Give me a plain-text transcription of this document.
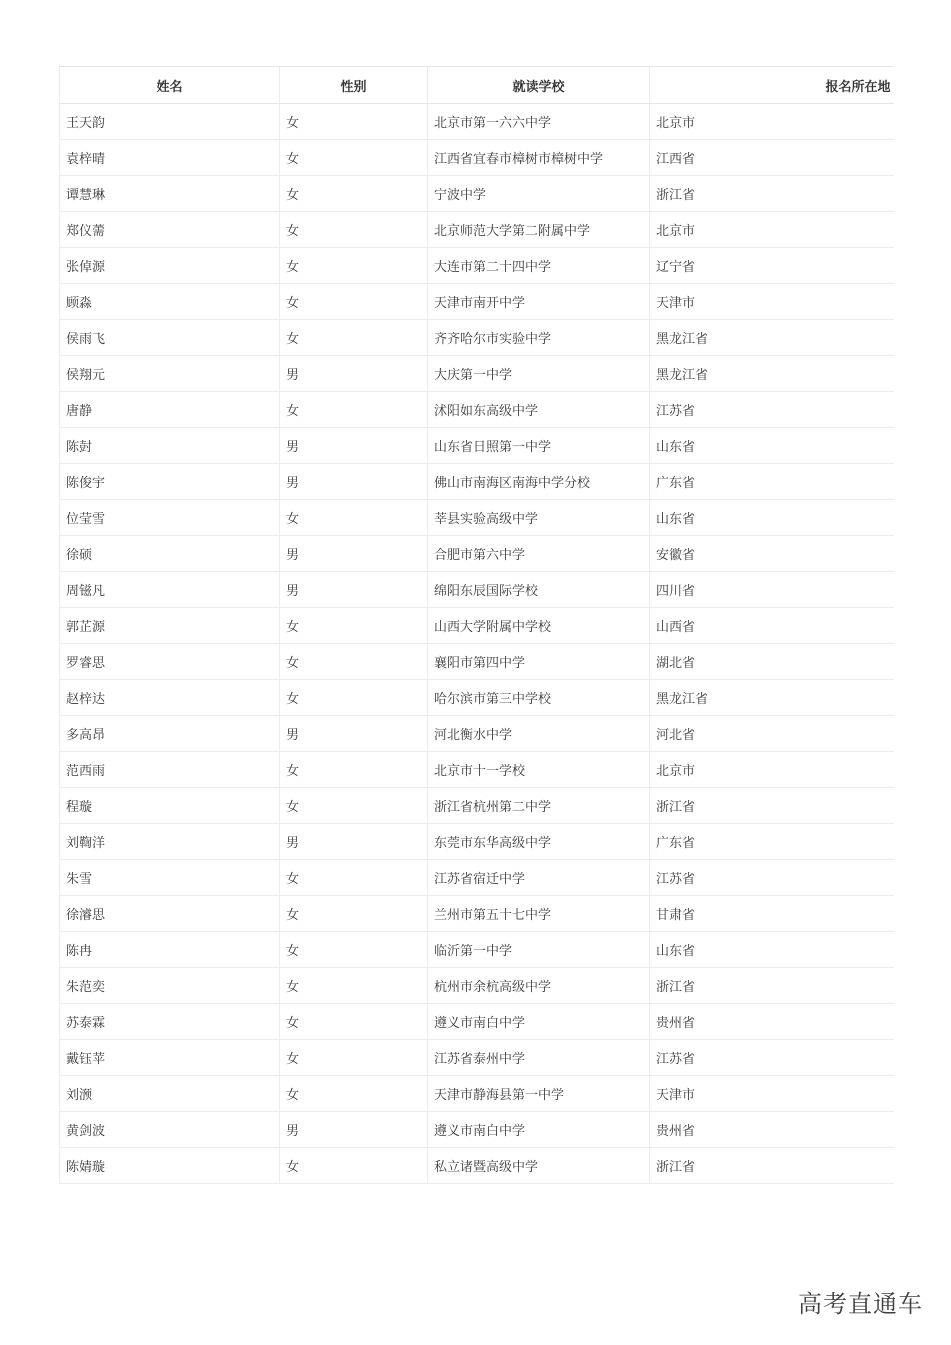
姓名	性别	就读学校	报名所在地
王天韵	女	北京市第一六六中学	北京市
袁梓晴	女	江西省宜春市樟树市樟树中学	江西省
谭慧琳	女	宁波中学	浙江省
郑仪薷	女	北京师范大学第二附属中学	北京市
张倬源	女	大连市第二十四中学	辽宁省
顾淼	女	天津市南开中学	天津市
侯雨飞	女	齐齐哈尔市实验中学	黑龙江省
侯翔元	男	大庆第一中学	黑龙江省
唐静	女	沭阳如东高级中学	江苏省
陈尌	男	山东省日照第一中学	山东省
陈俊宇	男	佛山市南海区南海中学分校	广东省
位莹雪	女	莘县实验高级中学	山东省
徐硕	男	合肥市第六中学	安徽省
周镃凡	男	绵阳东辰国际学校	四川省
郭芷源	女	山西大学附属中学校	山西省
罗睿思	女	襄阳市第四中学	湖北省
赵梓达	女	哈尔滨市第三中学校	黑龙江省
多高昂	男	河北衡水中学	河北省
范西雨	女	北京市十一学校	北京市
程璇	女	浙江省杭州第二中学	浙江省
刘鞫洋	男	东莞市东华高级中学	广东省
朱雪	女	江苏省宿迁中学	江苏省
徐濬思	女	兰州市第五十七中学	甘肃省
陈冉	女	临沂第一中学	山东省
朱范奕	女	杭州市余杭高级中学	浙江省
苏泰霖	女	遵义市南白中学	贵州省
戴钰苹	女	江苏省泰州中学	江苏省
刘滪	女	天津市静海县第一中学	天津市
黄剑波	男	遵义市南白中学	贵州省
陈婧璇	女	私立诸暨高级中学	浙江省
高考直通车
